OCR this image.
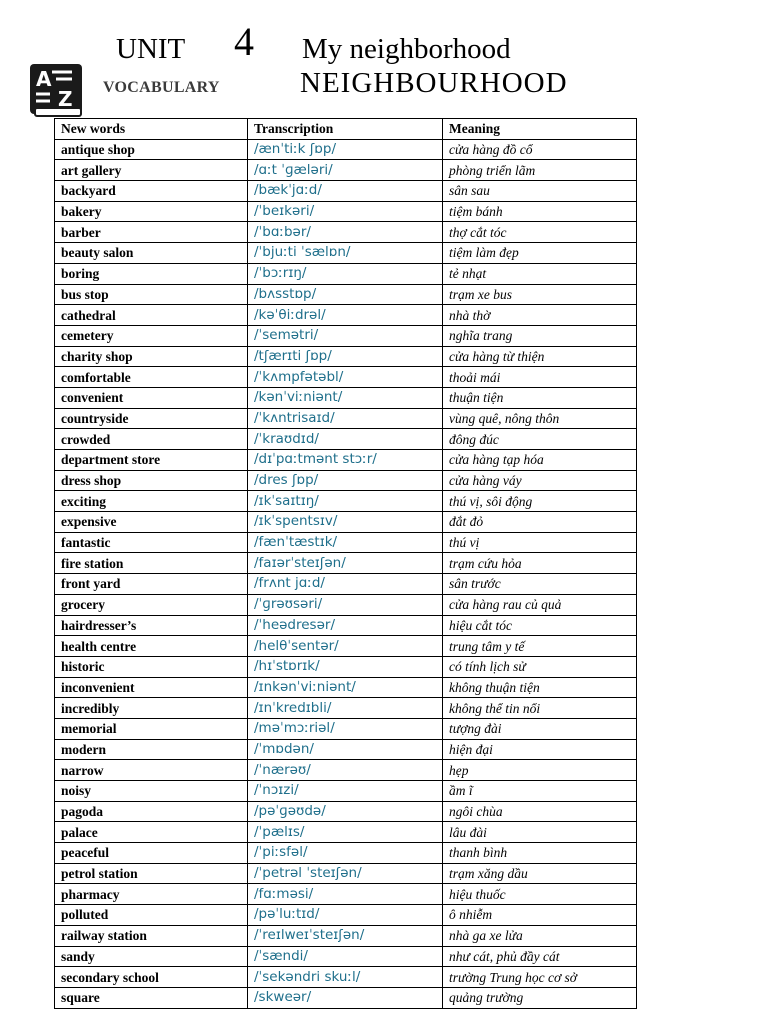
UNIT 4 My neighborhood
NEIGHBOURHOOD
A
Z VOCABULARY
New words	Transcription	Meaning
antique shop	/ænˈtiːk ʃɒp/	cửa hàng đồ cổ
art gallery	/ɑːt ˈɡæləri/	phòng triển lãm
backyard	/bækˈjɑːd/	sân sau
bakery	/ˈbeɪkəri/	tiệm bánh
barber	/ˈbɑːbər/	thợ cắt tóc
beauty salon	/ˈbjuːti ˈsælɒn/	tiệm làm đẹp
boring	/ˈbɔːrɪŋ/	tẻ nhạt
bus stop	/bʌsstɒp/	trạm xe bus
cathedral	/kəˈθiːdrəl/	nhà thờ
cemetery	/ˈsemətri/	nghĩa trang
charity shop	/tʃærɪti ʃɒp/	cửa hàng từ thiện
comfortable	/ˈkʌmpfətəbl/	thoải mái
convenient	/kənˈviːniənt/	thuận tiện
countryside	/ˈkʌntrisaɪd/	vùng quê, nông thôn
crowded	/ˈkraʊdɪd/	đông đúc
department store	/dɪˈpɑːtmənt stɔːr/	cửa hàng tạp hóa
dress shop	/dres ʃɒp/	cửa hàng váy
exciting	/ɪkˈsaɪtɪŋ/	thú vị, sôi động
expensive	/ɪkˈspentsɪv/	đắt đỏ
fantastic	/fænˈtæstɪk/	thú vị
fire station	/faɪərˈsteɪʃən/	trạm cứu hỏa
front yard	/frʌnt jɑːd/	sân trước
grocery	/ˈɡrəʊsəri/	cửa hàng rau củ quả
hairdresser’s	/ˈheədresər/	hiệu cắt tóc
health centre	/helθˈsentər/	trung tâm y tế
historic	/hɪˈstɒrɪk/	có tính lịch sử
inconvenient	/ɪnkənˈviːniənt/	không thuận tiện
incredibly	/ɪnˈkredɪbli/	không thể tin nổi
memorial	/məˈmɔːriəl/	tượng đài
modern	/ˈmɒdən/	hiện đại
narrow	/ˈnærəʊ/	hẹp
noisy	/ˈnɔɪzi/	ầm ĩ
pagoda	/pəˈɡəʊdə/	ngôi chùa
palace	/ˈpælɪs/	lâu đài
peaceful	/ˈpiːsfəl/	thanh bình
petrol station	/ˈpetrəl ˈsteɪʃən/	trạm xăng dầu
pharmacy	/fɑːməsi/	hiệu thuốc
polluted	/pəˈluːtɪd/	ô nhiễm
railway station	/ˈreɪlweɪˈsteɪʃən/	nhà ga xe lửa
sandy	/ˈsændi/	như cát, phủ đầy cát
secondary school	/ˈsekəndri skuːl/	trường Trung học cơ sở
square	/skweər/	quảng trường
